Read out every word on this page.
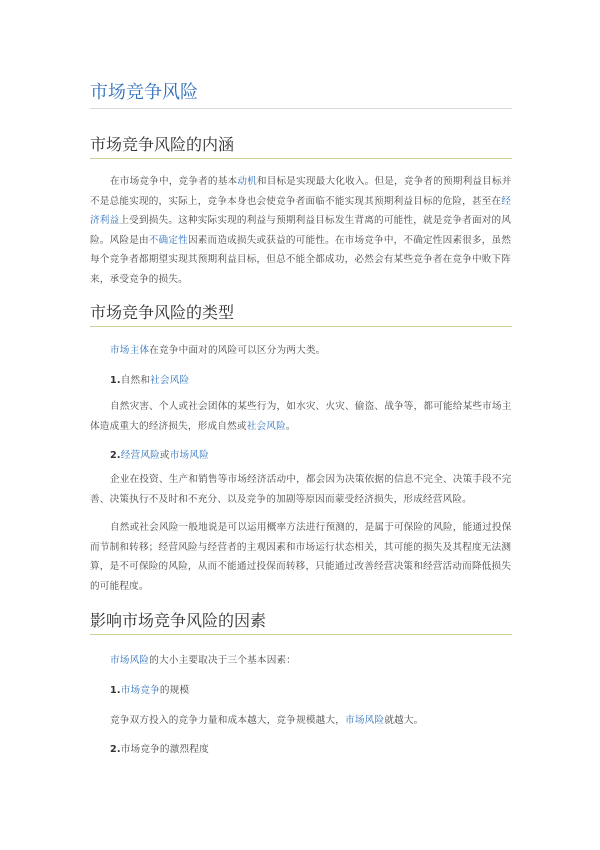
市场竞争风险
市场竞争风险的内涵

在市场竞争中，竞争者的基本动机和目标是实现最大化收入。但是，竞争者的预期利益目标并不是总能实现的，实际上，竞争本身也会使竞争者面临不能实现其预期利益目标的危险，甚至在经济利益上受到损失。这种实际实现的利益与预期利益目标发生背离的可能性，就是竞争者面对的风险。风险是由不确定性因素而造成损失或获益的可能性。在市场竞争中，不确定性因素很多，虽然每个竞争者都期望实现其预期利益目标，但总不能全都成功，必然会有某些竞争者在竞争中败下阵来，承受竞争的损失。

市场竞争风险的类型
市场主体在竞争中面对的风险可以区分为两大类。
1.自然和社会风险

自然灾害、个人或社会团体的某些行为，如水灾、火灾、偷盗、战争等，都可能给某些市场主体造成重大的经济损失，形成自然或社会风险。

2.经营风险或市场风险

企业在投资、生产和销售等市场经济活动中，都会因为决策依据的信息不完全、决策手段不完善、决策执行不及时和不充分、以及竞争的加剧等原因而蒙受经济损失，形成经营风险。

自然或社会风险一般地说是可以运用概率方法进行预测的，是属于可保险的风险，能通过投保而节制和转移；经营风险与经营者的主观因素和市场运行状态相关，其可能的损失及其程度无法测算，是不可保险的风险，从而不能通过投保而转移，只能通过改善经营决策和经营活动而降低损失的可能程度。

影响市场竞争风险的因素
市场风险的大小主要取决于三个基本因素：
1.市场竞争的规模
竞争双方投入的竞争力量和成本越大，竞争规模越大，市场风险就越大。
2.市场竞争的激烈程度
